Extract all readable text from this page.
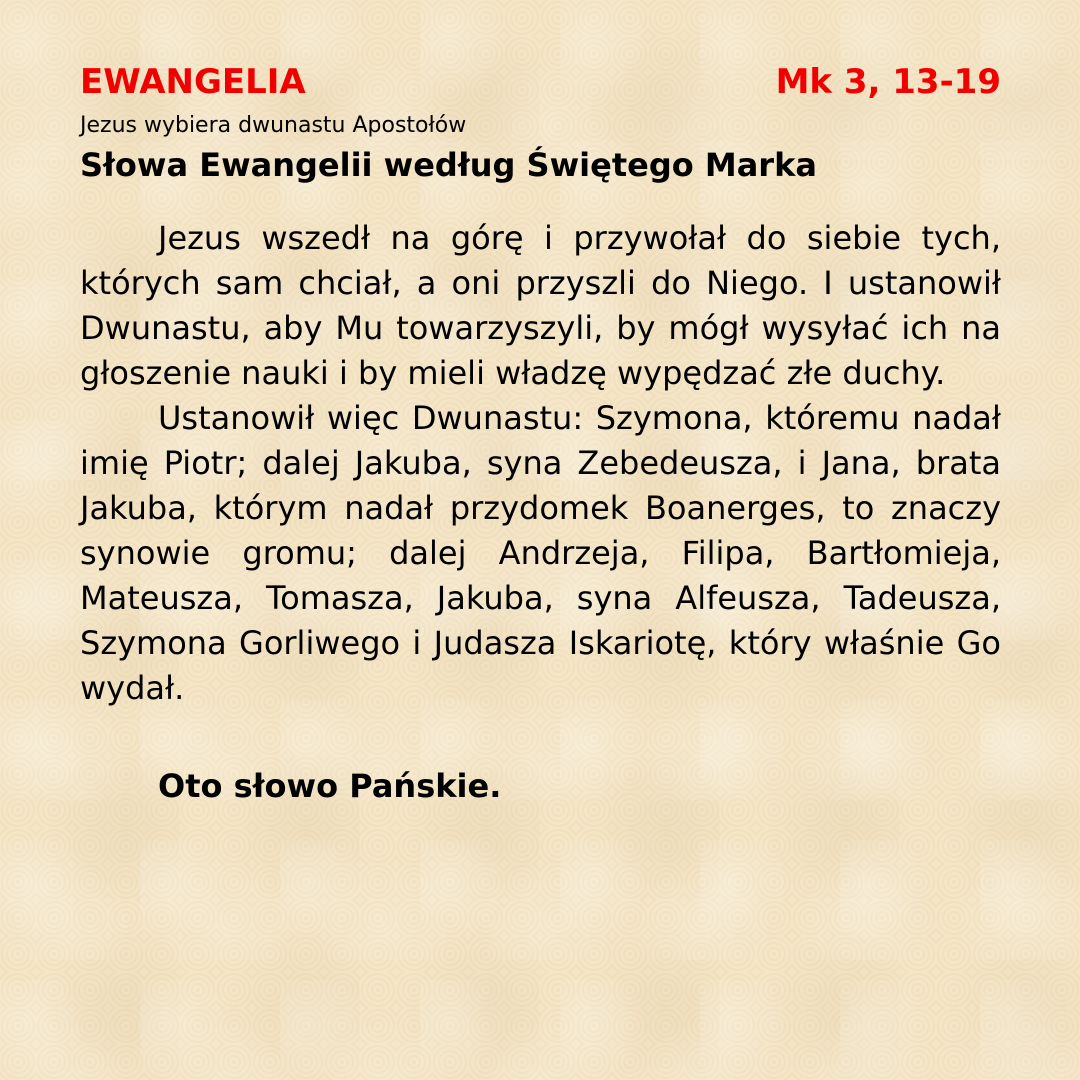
EWANGELIA	Mk 3, 13-19
Jezus wybiera dwunastu Apostołów
Słowa Ewangelii według Świętego Marka

Jezus wszedł na górę i przywołał do siebie tych, których sam chciał, a oni przyszli do Niego. I ustanowił Dwunastu, aby Mu towarzyszyli, by mógł wysyłać ich na głoszenie nauki i by mieli władzę wypędzać złe duchy.

Ustanowił więc Dwunastu: Szymona, któremu nadał imię Piotr; dalej Jakuba, syna Zebedeusza, i Jana, brata Jakuba, którym nadał przydomek Boanerges, to znaczy synowie gromu; dalej Andrzeja, Filipa, Bartłomieja, Mateusza, Tomasza, Jakuba, syna Alfeusza, Tadeusza, Szymona Gorliwego i Judasza Iskariotę, który właśnie Go wydał.

Oto słowo Pańskie.
